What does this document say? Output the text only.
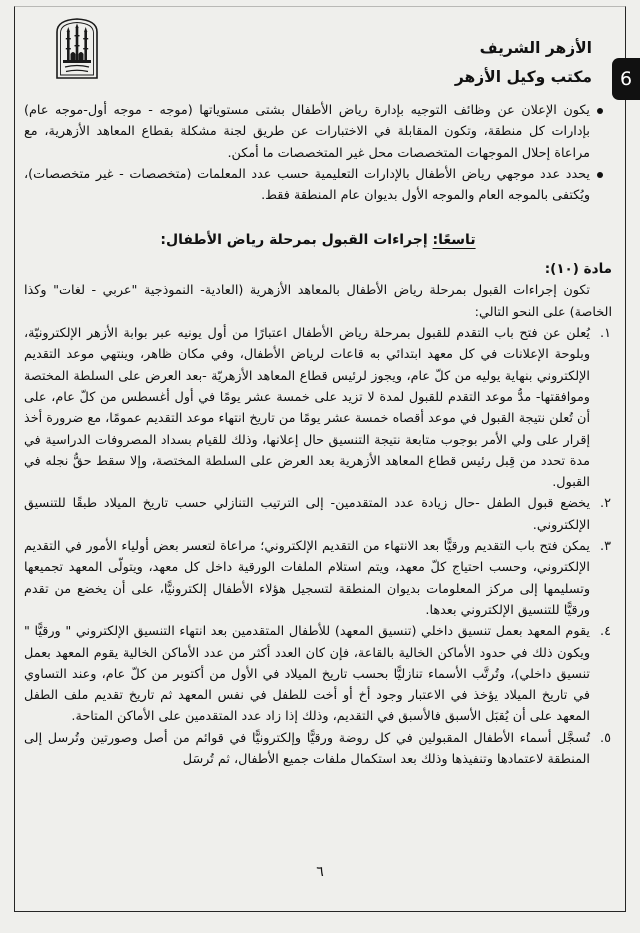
الأزهر الشريف
مكتب وكيل الأزهر	6
يكون الإعلان عن وظائف التوجيه بإدارة رياض الأطفال بشتى مستوياتها (موجه - موجه أول-موجه عام) بإدارات كل منطقة، وتكون المقابلة في الاختبارات عن طريق لجنة مشكلة بقطاع المعاهد الأزهرية، مع مراعاة إحلال الموجهات المتخصصات محل غير المتخصصات ما أمكن.
يحدد عدد موجهي رياض الأطفال بالإدارات التعليمية حسب عدد المعلمات (متخصصات - غير متخصصات)، ويُكتفى بالموجه العام والموجه الأول بديوان عام المنطقة فقط.
تاسعًا: إجراءات القبول بمرحلة رياض الأطفال:
مادة (١٠):

تكون إجراءات القبول بمرحلة رياض الأطفال بالمعاهد الأزهرية (العادية- النموذجية "عربي - لغات" وكذا الخاصة) على النحو التالي:

١.
يُعلن عن فتح باب التقدم للقبول بمرحلة رياض الأطفال اعتبارًا من أول يونيه عبر بوابة الأزهر الإلكترونيّة، وبلوحة الإعلانات في كل معهد ابتدائي به قاعات لرياض الأطفال، وفي مكان ظاهر، وينتهي موعد التقديم الإلكتروني بنهاية يوليه من كلّ عام، ويجوز لرئيس قطاع المعاهد الأزهريّة -بعد العرض على السلطة المختصة وموافقتها- مدُّ موعد التقدم للقبول لمدة لا تزيد على خمسة عشر يومًا في أول أغسطس من كلّ عام، على أن تُعلن نتيجة القبول في موعد أقصاه خمسة عشر يومًا من تاريخ انتهاء موعد التقديم عمومًا، مع ضرورة أخذ إقرار على ولي الأمر بوجوب متابعة نتيجة التنسيق حال إعلانها، وذلك للقيام بسداد المصروفات الدراسية في مدة تحدد من قِبل رئيس قطاع المعاهد الأزهرية بعد العرض على السلطة المختصة، وإلا سقط حقُّ نجله في القبول.
٢.
يخضع قبول الطفل -حال زيادة عدد المتقدمين- إلى الترتيب التنازلي حسب تاريخ الميلاد طبقًا للتنسيق الإلكتروني.
٣.
يمكن فتح باب التقديم ورقيًّا بعد الانتهاء من التقديم الإلكتروني؛ مراعاة لتعسر بعض أولياء الأمور في التقديم الإلكتروني، وحسب احتياج كلّ معهد، ويتم استلام الملفات الورقية داخل كل معهد، ويتولّى المعهد تجميعها وتسليمها إلى مركز المعلومات بديوان المنطقة لتسجيل هؤلاء الأطفال إلكترونيًّا، على أن يخضع من تقدم ورقيًّا للتنسيق الإلكتروني بعدها.
٤.
يقوم المعهد بعمل تنسيق داخلي (تنسيق المعهد) للأطفال المتقدمين بعد انتهاء التنسيق الإلكتروني " ورقيًّا " ويكون ذلك في حدود الأماكن الخالية بالقاعة، فإن كان العدد أكثر من عدد الأماكن الخالية يقوم المعهد بعمل تنسيق داخلي)، وتُرتَّب الأسماء تنازليًّا بحسب تاريخ الميلاد في الأول من أكتوبر من كلّ عام، وعند التساوي في تاريخ الميلاد يؤخذ في الاعتبار وجود أخ أو أخت للطفل في نفس المعهد ثم تاريخ تقديم ملف الطفل المعهد على أن يُقبَل الأسبق فالأسبق في التقديم، وذلك إذا زاد عدد المتقدمين على الأماكن المتاحة.
٥.
تُسجَّل أسماء الأطفال المقبولين في كل روضة ورقيًّا وإلكترونيًّا في قوائم من أصل وصورتين وتُرسل إلى المنطقة لاعتمادها وتنفيذها وذلك بعد استكمال ملفات جميع الأطفال، ثم تُرسَل
٦
